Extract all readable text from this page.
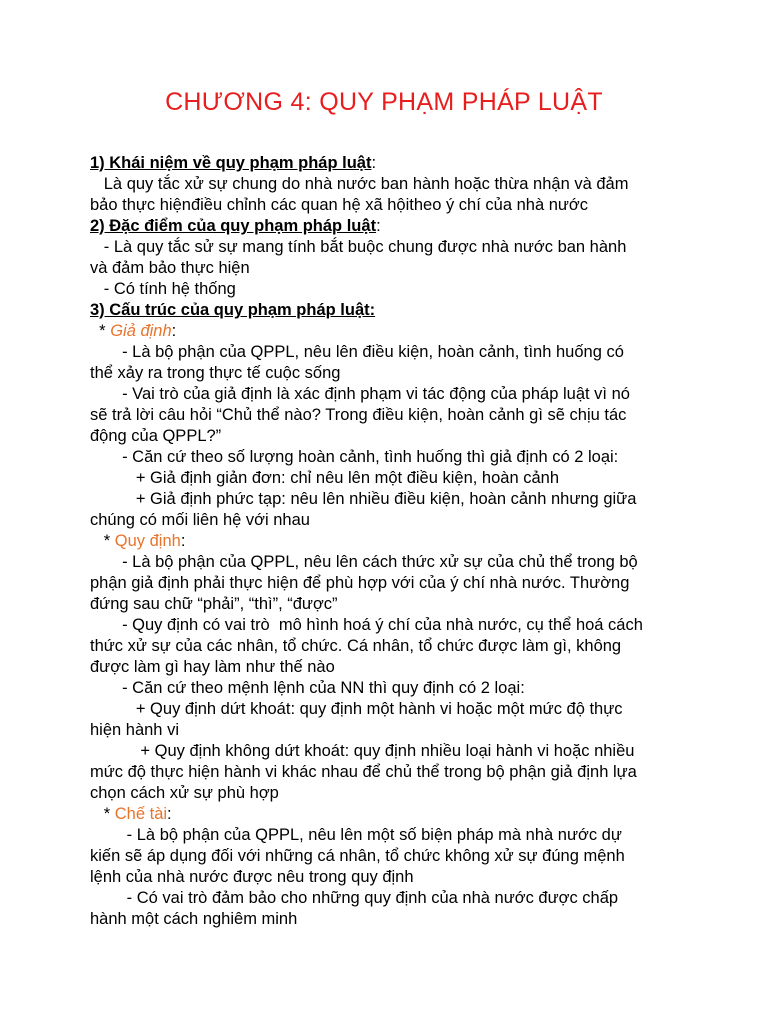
CHƯƠNG 4: QUY PHẠM PHÁP LUẬT
1) Khái niệm về quy phạm pháp luật:
Là quy tắc xử sự chung do nhà nước ban hành hoặc thừa nhận và đảm
bảo thực hiệnđiều chỉnh các quan hệ xã hộitheo ý chí của nhà nước
2) Đặc điểm của quy phạm pháp luật:
- Là quy tắc sử sự mang tính bắt buộc chung được nhà nước ban hành
và đảm bảo thực hiện
- Có tính hệ thống
3) Cấu trúc của quy phạm pháp luật:
* Giả định:
- Là bộ phận của QPPL, nêu lên điều kiện, hoàn cảnh, tình huống có
thể xảy ra trong thực tế cuộc sống
- Vai trò của giả định là xác định phạm vi tác động của pháp luật vì nó
sẽ trả lời câu hỏi “Chủ thể nào? Trong điều kiện, hoàn cảnh gì sẽ chịu tác
động của QPPL?”
- Căn cứ theo số lượng hoàn cảnh, tình huống thì giả định có 2 loại:
+ Giả định giản đơn: chỉ nêu lên một điều kiện, hoàn cảnh
+ Giả định phức tạp: nêu lên nhiều điều kiện, hoàn cảnh nhưng giữa
chúng có mối liên hệ với nhau
* Quy định:
- Là bộ phận của QPPL, nêu lên cách thức xử sự của chủ thể trong bộ
phận giả định phải thực hiện để phù hợp với của ý chí nhà nước. Thường
đứng sau chữ “phải”, “thì”, “được”
- Quy định có vai trò  mô hình hoá ý chí của nhà nước, cụ thể hoá cách
thức xử sự của các nhân, tổ chức. Cá nhân, tổ chức được làm gì, không
được làm gì hay làm như thế nào
- Căn cứ theo mệnh lệnh của NN thì quy định có 2 loại:
+ Quy định dứt khoát: quy định một hành vi hoặc một mức độ thực
hiện hành vi
+ Quy định không dứt khoát: quy định nhiều loại hành vi hoặc nhiều
mức độ thực hiện hành vi khác nhau để chủ thể trong bộ phận giả định lựa
chọn cách xử sự phù hợp
* Chế tài:
- Là bộ phận của QPPL, nêu lên một số biện pháp mà nhà nước dự
kiến sẽ áp dụng đối với những cá nhân, tổ chức không xử sự đúng mệnh
lệnh của nhà nước được nêu trong quy định
- Có vai trò đảm bảo cho những quy định của nhà nước được chấp
hành một cách nghiêm minh
